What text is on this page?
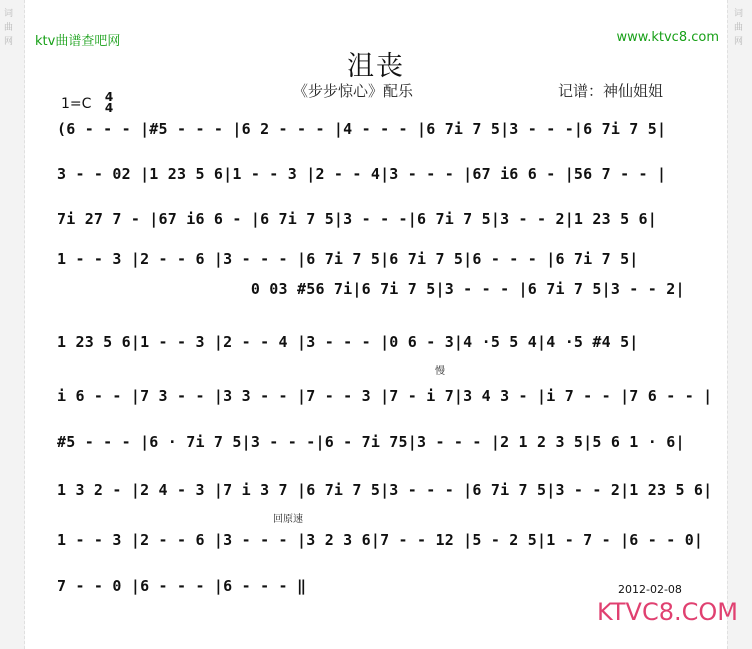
词
曲
网
词
曲
网
ktv曲谱查吧网	www.ktvc8.com
沮丧
《步步惊心》配乐	记谱：神仙姐姐
1=C 4
4
(6 - - - |#5 - - - |6 2 - - - |4 - - - |6 7i 7 5|3 - - -|6 7i 7 5|
3 - - 02 |1 23 5 6|1 - - 3 |2 - - 4|3 - - - |67 i6 6 - |56 7 - - |
7i 27 7 - |67 i6 6 - |6 7i 7 5|3 - - -|6 7i 7 5|3 - - 2|1 23 5 6|
1 - - 3 |2 - - 6 |3 - - - |6 7i 7 5|6 7i 7 5|6 - - - |6 7i 7 5|
0 03 #56 7i|6 7i 7 5|3 - - - |6 7i 7 5|3 - - 2|
1 23 5 6|1 - - 3 |2 - - 4 |3 - - - |0 6 - 3|4 ·5 5 4|4 ·5 #4 5|
慢
i 6 - - |7 3 - - |3 3 - - |7 - - 3 |7 - i 7|3 4 3 - |i 7 - - |7 6 - - |
#5 - - - |6 · 7i 7 5|3 - - -|6 - 7i 75|3 - - - |2 1 2 3 5|5 6 1 · 6|
1 3 2 - |2 4 - 3 |7 i 3 7 |6 7i 7 5|3 - - - |6 7i 7 5|3 - - 2|1 23 5 6|
回原速
1 - - 3 |2 - - 6 |3 - - - |3 2 3 6|7 - - 12 |5 - 2 5|1 - 7 - |6 - - 0|
7 - - 0 |6 - - - |6 - - - ‖	2012-02-08
KTVC8.COM
